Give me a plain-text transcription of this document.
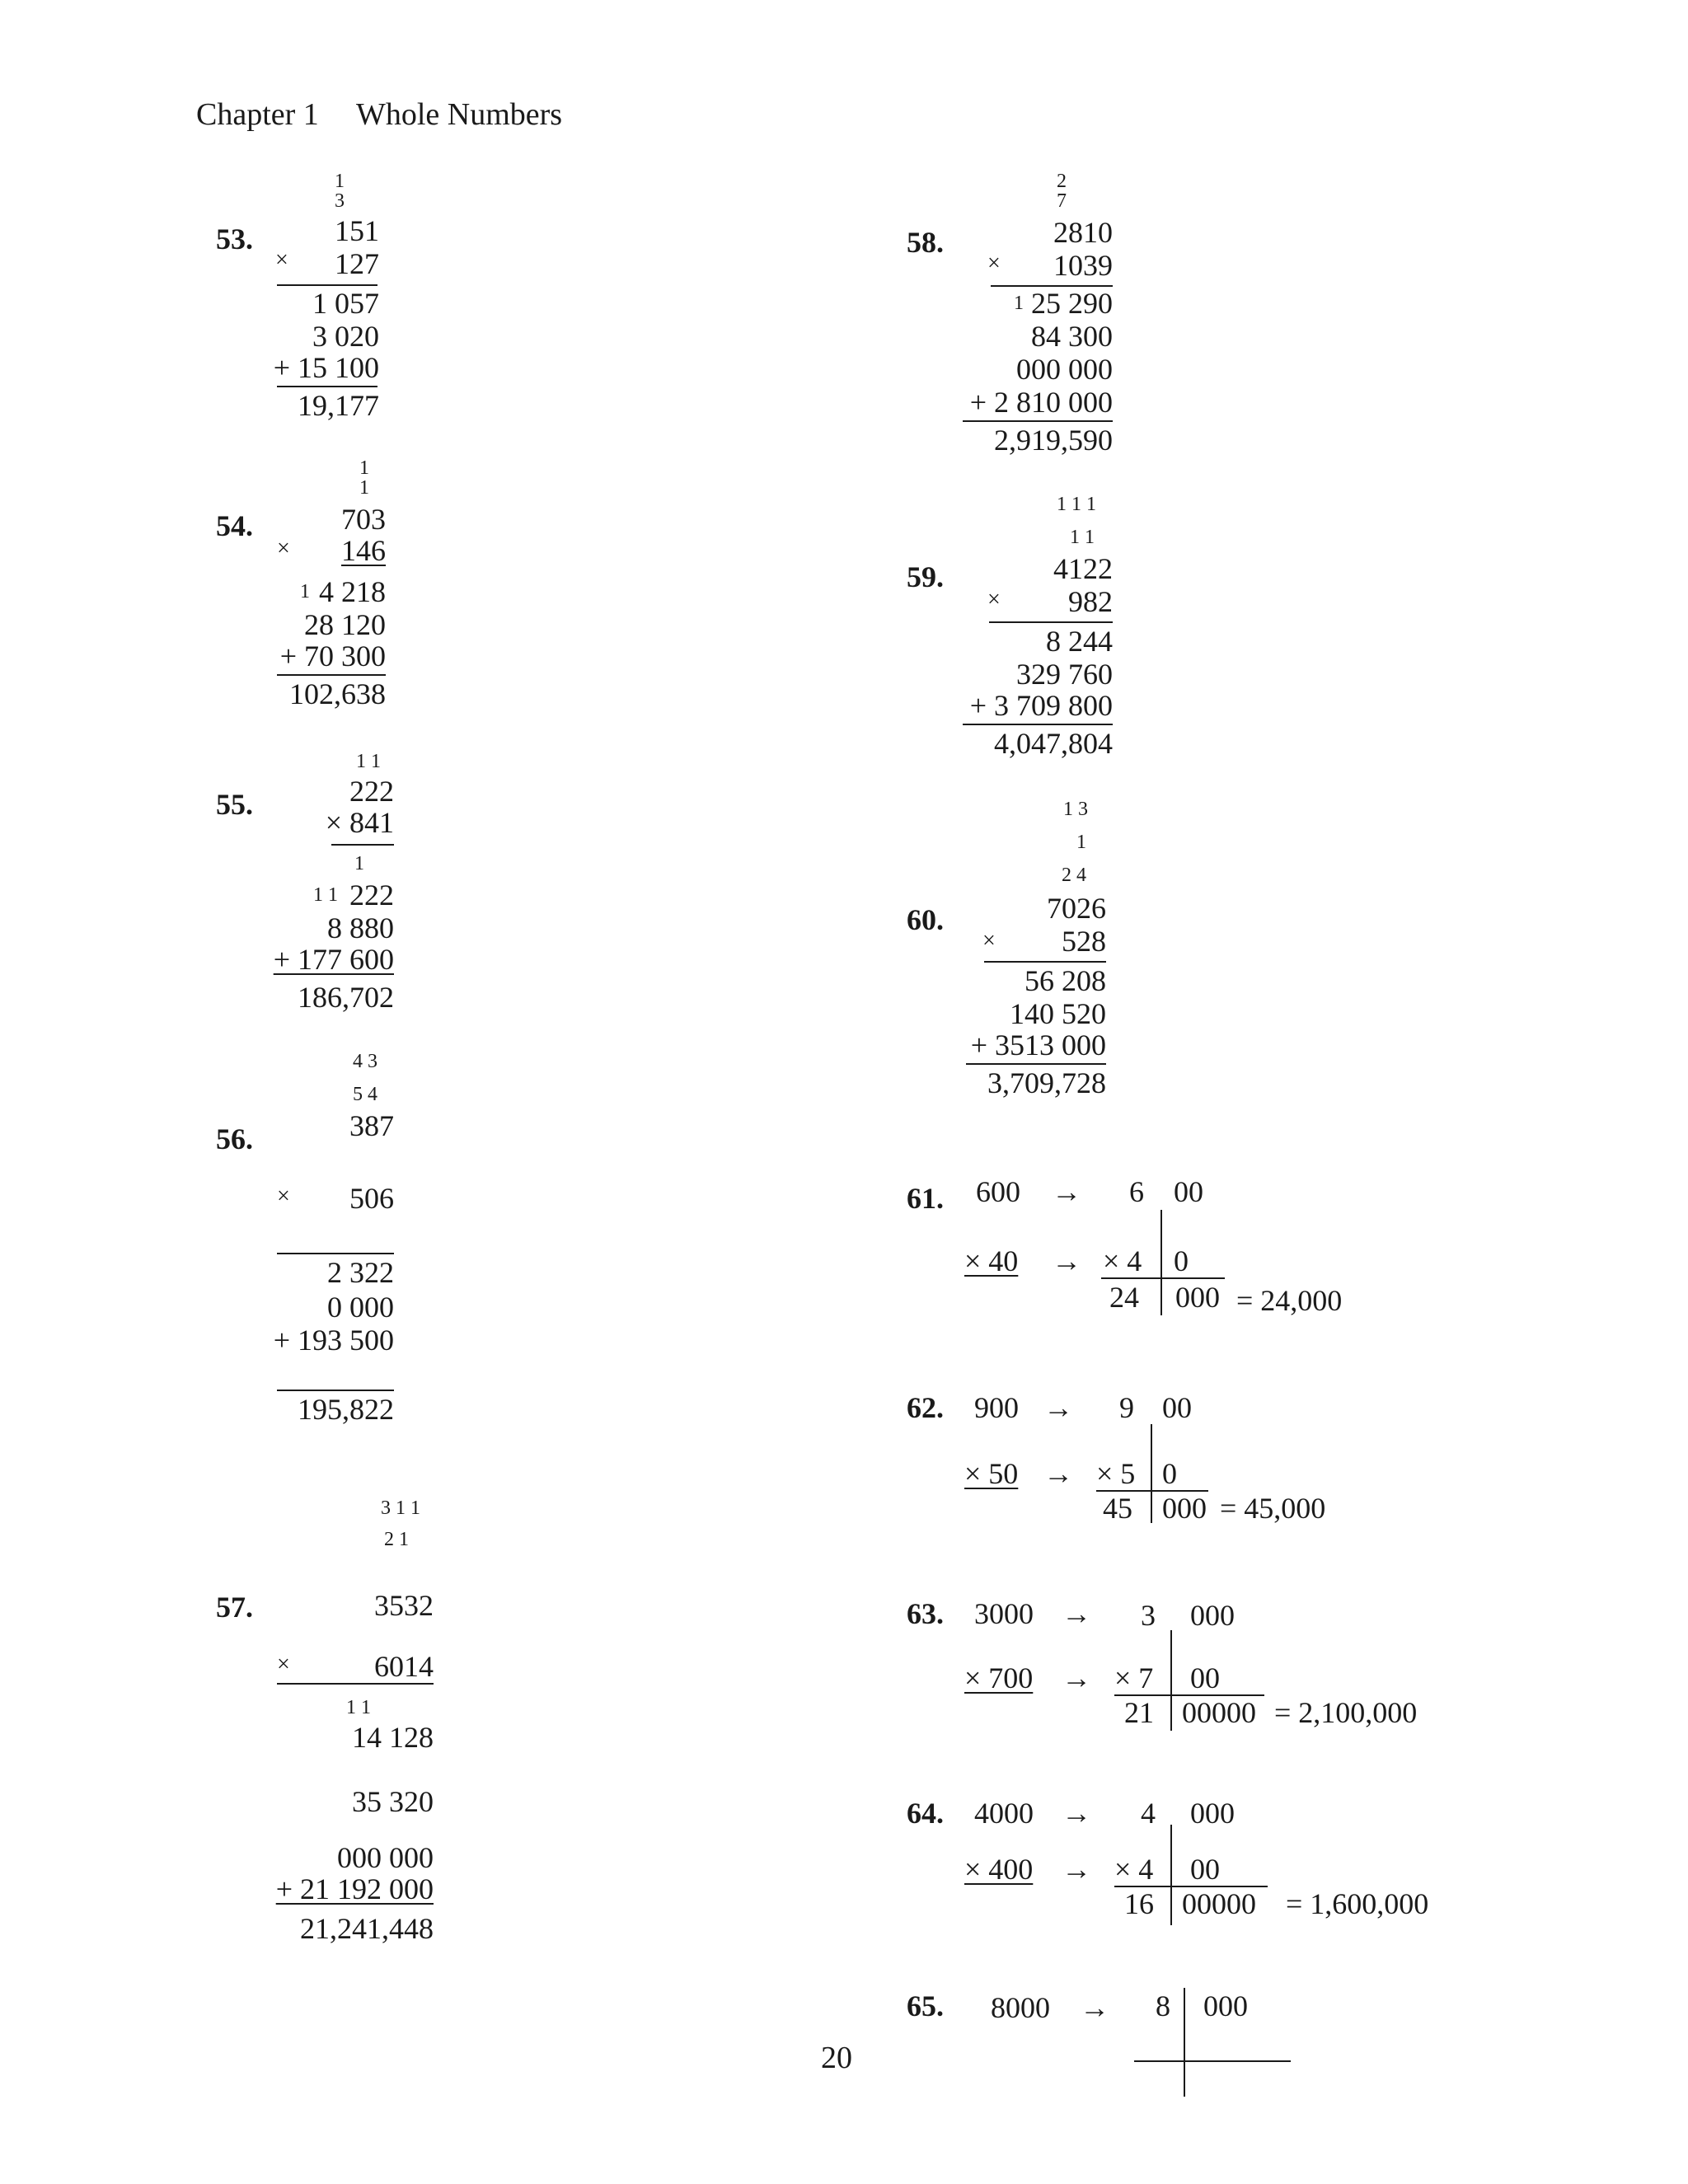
Chapter 1 Whole Numbers
53.
1
3
151
× 127
1 057
3 020
+ 15 100
19,177
54.
1
1
703
× 146
1 4 218
28 120
+ 70 300
102,638
55.
1 1
222
× 841
1
1 1 222
8 880
+ 177 600
186,702
56.
4 3
5 4
387
× 506
2 322
0 000
+ 193 500
195,822
57.
3 1 1
2 1
3532
×	6014
1 1
14 128
35 320
000 000
+ 21 192 000
21,241,448
58.
2
7
2810
× 1039
1 25 290
84 300
000 000
+ 2 810 000
2,919,590
59.
1 1 1
1 1
4122
× 982
8 244
329 760
+ 3 709 800
4,047,804
60.
1 3
1
2 4
7026
× 528
56 208
140 520
+ 3513 000
3,709,728
61. 600 → 6 00
× 40 → × 4 0
24 000 = 24,000
62. 900 → 9 00
× 50 → × 5 0
45 000 = 45,000
63. 3000 → 3 000
× 700 → × 7 00
21 00000 = 2,100,000
64. 4000 → 4 000
× 400 → × 4 00
16 00000 = 1,600,000
65. 8000 → 8 000
20
